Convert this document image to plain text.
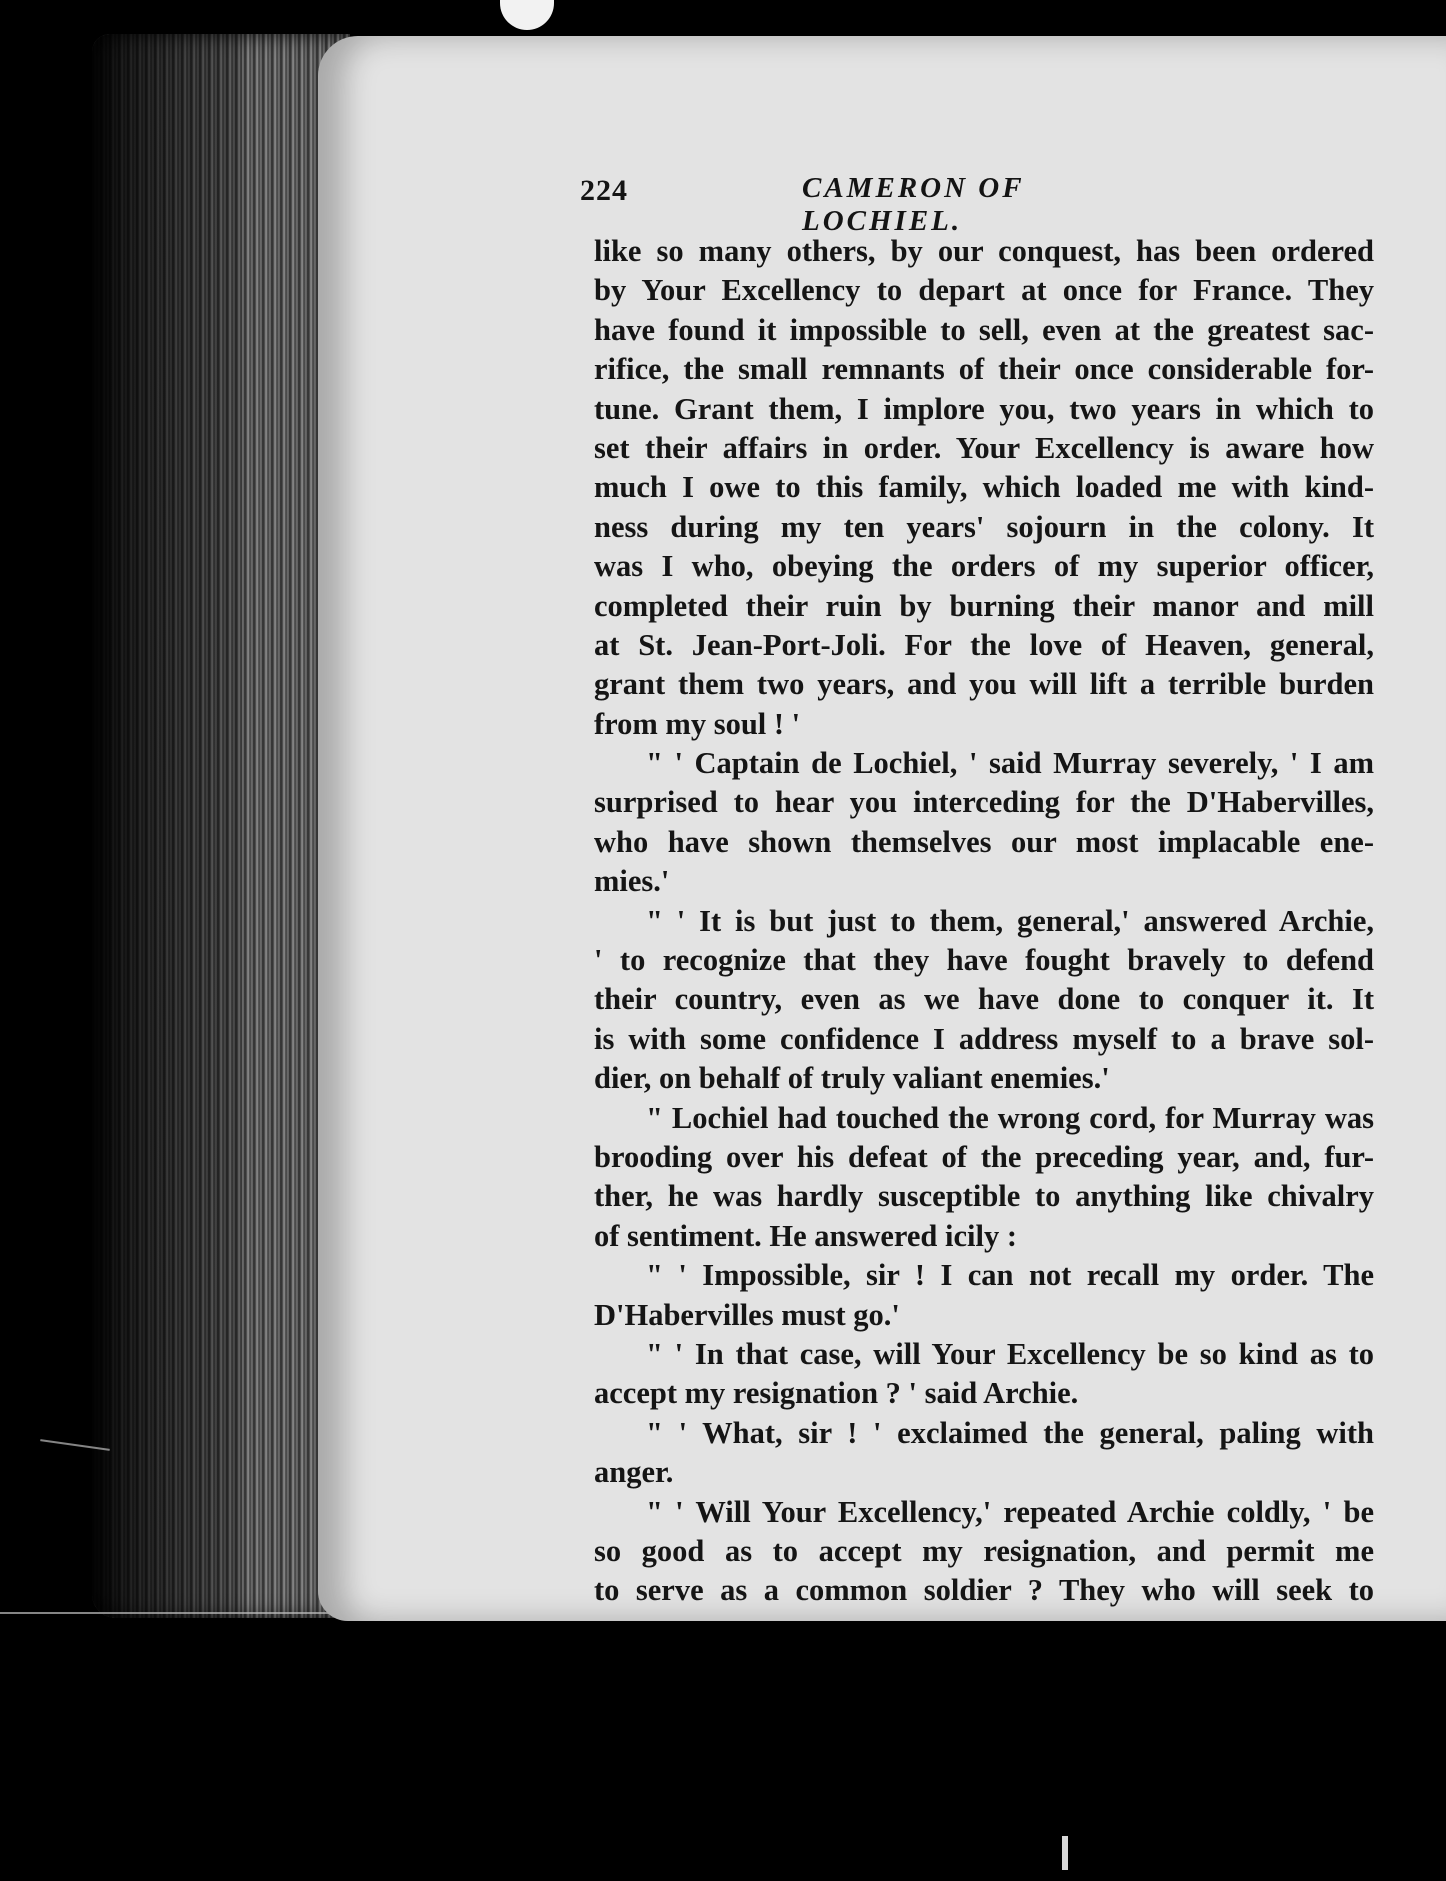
224	CAMERON OF LOCHIEL.
like so many others, by our conquest, has been ordered
by Your Excellency to depart at once for France. They
have found it impossible to sell, even at the greatest sac-
rifice, the small remnants of their once considerable for-
tune. Grant them, I implore you, two years in which to
set their affairs in order. Your Excellency is aware how
much I owe to this family, which loaded me with kind-
ness during my ten years' sojourn in the colony. It
was I who, obeying the orders of my superior officer,
completed their ruin by burning their manor and mill
at St. Jean-Port-Joli. For the love of Heaven, general,
grant them two years, and you will lift a terrible burden
from my soul ! '
" ' Captain de Lochiel, ' said Murray severely, ' I am
surprised to hear you interceding for the D'Habervilles,
who have shown themselves our most implacable ene-
mies.'
" ' It is but just to them, general,' answered Archie,
' to recognize that they have fought bravely to defend
their country, even as we have done to conquer it. It
is with some confidence I address myself to a brave sol-
dier, on behalf of truly valiant enemies.'
" Lochiel had touched the wrong cord, for Murray was
brooding over his defeat of the preceding year, and, fur-
ther, he was hardly susceptible to anything like chivalry
of sentiment. He answered icily :
" ' Impossible, sir ! I can not recall my order. The
D'Habervilles must go.'
" ' In that case, will Your Excellency be so kind as to
accept my resignation ? ' said Archie.
" ' What, sir ! ' exclaimed the general, paling with
anger.
" ' Will Your Excellency,' repeated Archie coldly, ' be
so good as to accept my resignation, and permit me
to serve as a common soldier ? They who will seek to
